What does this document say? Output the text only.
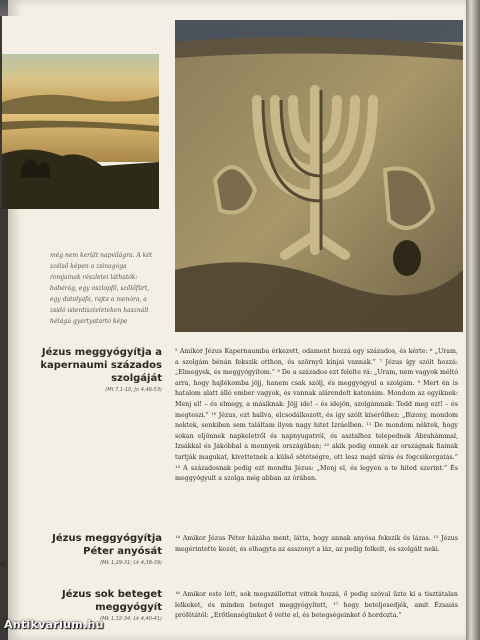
még nem került napvilágra. A két szélső képen a zsinagóga romjainak részletei láthatók: babérág, egy oszlopfő, szőlőfürt, egy datolyafa, rajta a menóra, a zsidó istentiszteleteken használt hétágú gyertyatartó képe
Jézus meggyógyítja a kapernaumi százados szolgáját
(Mt 7,1-10; Jn 4,46-53)
⁵ Amikor Jézus Kapernaumba érkezett, odament hozzá egy százados, és kérte: ⁶ „Uram, a szolgám bénán fekszik otthon, és szörnyű kínjai vannak.” ⁷ Jézus így szólt hozzá: „Elmegyek, és meggyógyítom.” ⁸ De a százados ezt felelte rá: „Uram, nem vagyok méltó arra, hogy hajlékomba jöjj, hanem csak szólj, és meggyógyul a szolgám. ⁹ Mert én is hatalom alatt álló ember vagyok, és vannak alárendelt katonáim. Mondom az egyiknek: Menj el! – és elmegy, a másiknak: Jöjj ide! – és idejön, szolgámnak: Tedd meg ezt! – és megteszi.” ¹⁰ Jézus, ezt hallva, elcsodálkozott, és így szólt kísérőihez: „Bizony, mondom nektek, senkiben sem találtam ilyen nagy hitet Izráelben. ¹¹ De mondom néktek, hogy sokan eljönnek napkeletről és napnyugatról, és asztalhoz telepednek Ábrahámmal, Izsákkal és Jákóbbal a mennyek országában; ¹² akik pedig ennek az országnak fiainak tartják magukat, kivettetnek a külső sötétségre, ott lesz majd sírás és fogcsikorgatás.” ¹³ A századosnak pedig ezt mondta Jézus: „Menj el, és legyen a te hited szerint.” És meggyógyult a szolga még abban az órában.
Jézus meggyógyítja Péter anyósát
(Mk 1,29-31; Lk 4,38-39)
¹⁴ Amikor Jézus Péter házába ment, látta, hogy annak anyósa fekszik és lázas. ¹⁵ Jézus megérintette kezét, és elhagyta az asszonyt a láz, az pedig felkelt, és szolgált neki.
Jézus sok beteget meggyógyít
(Mk 1,32-34; Lk 4,40-41)
¹⁶ Amikor este lett, sok megszállottat vittek hozzá, ő pedig szóval űzte ki a tisztátalan lelkeket, és minden beteget meggyógyított, ¹⁷ hogy beteljesedjék, amit Ézsaiás prófétától: „Erőtlenségünket ő vette el, és betegségeinket ő hordozta.”
d
Antikvarium.hu
